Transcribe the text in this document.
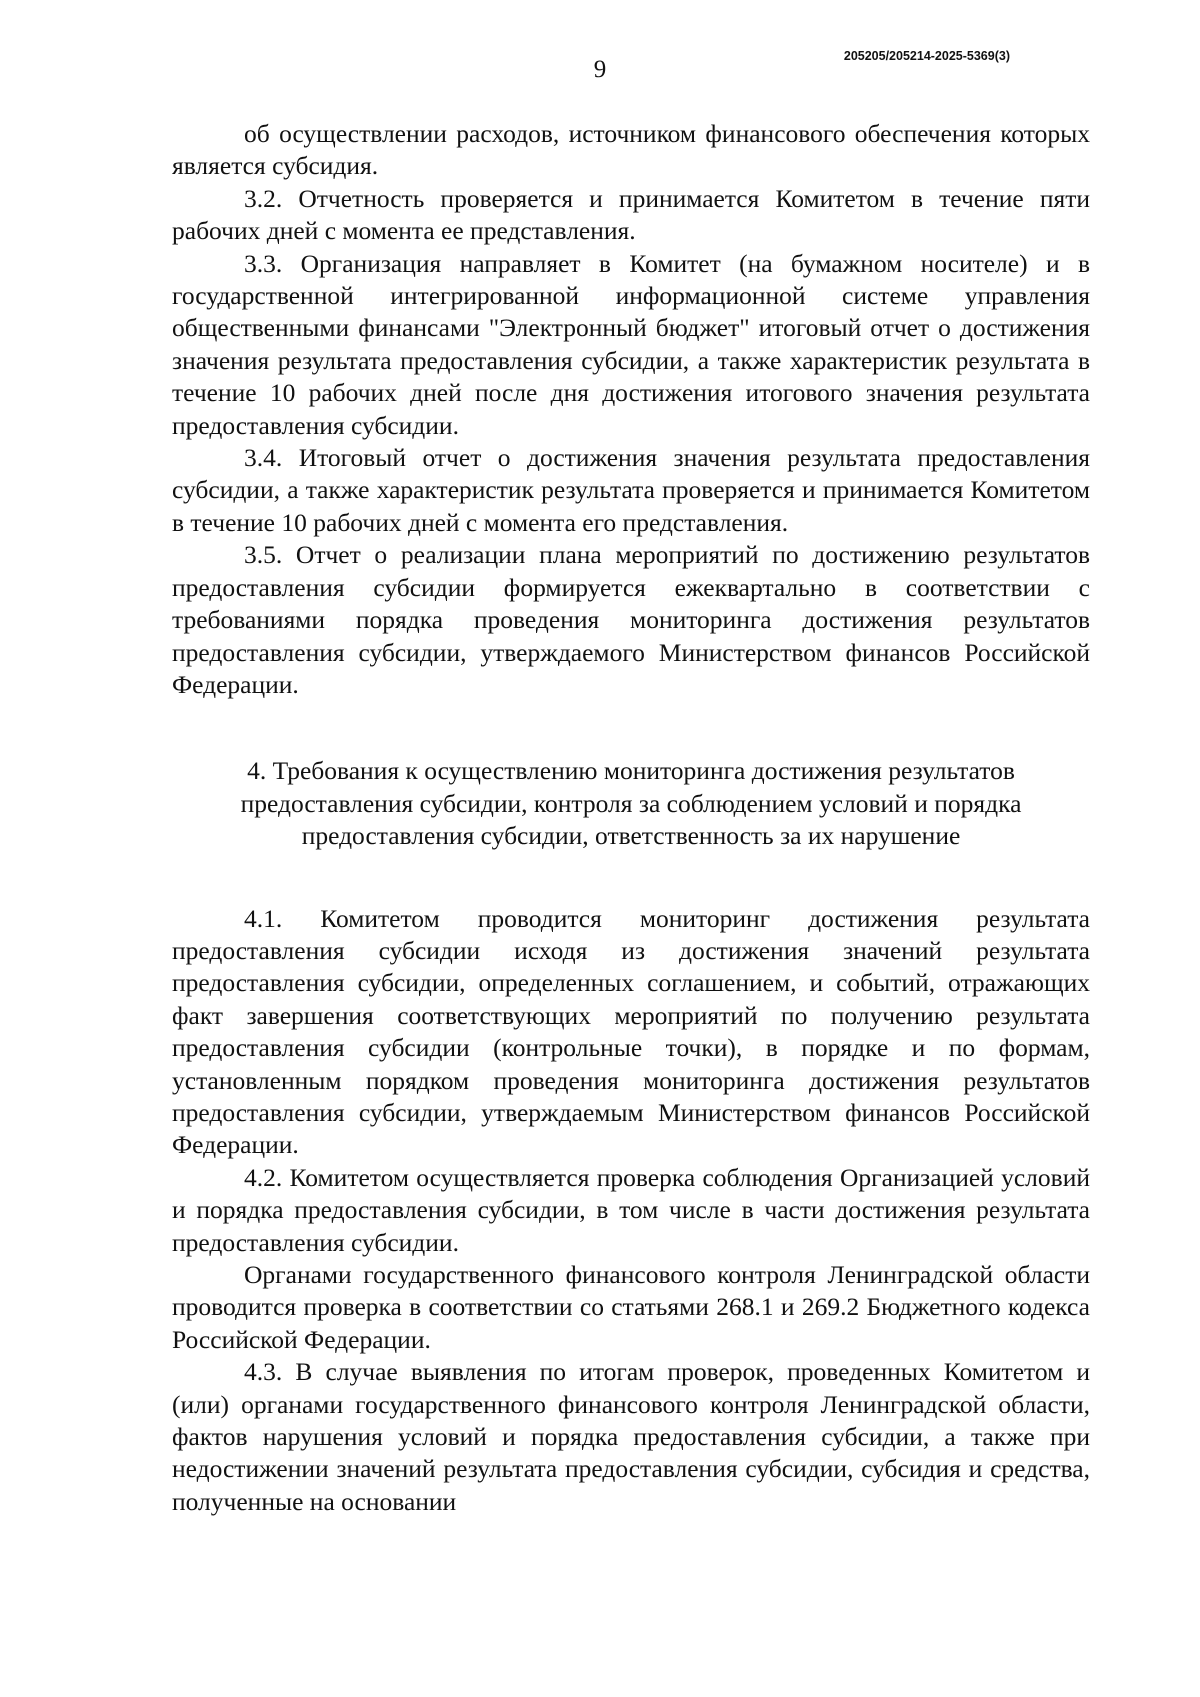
9	205205/205214-2025-5369(3)

об осуществлении расходов, источником финансового обеспечения которых является субсидия.

3.2. Отчетность проверяется и принимается Комитетом в течение пяти рабочих дней с момента ее представления.

3.3. Организация направляет в Комитет (на бумажном носителе) и в государственной интегрированной информационной системе управления общественными финансами "Электронный бюджет" итоговый отчет о достижения значения результата предоставления субсидии, а также характеристик результата в течение 10 рабочих дней после дня достижения итогового значения результата предоставления субсидии.

3.4. Итоговый отчет о достижения значения результата предоставления субсидии, а также характеристик результата проверяется и принимается Комитетом в течение 10 рабочих дней с момента его представления.

3.5. Отчет о реализации плана мероприятий по достижению результатов предоставления субсидии формируется ежеквартально в соответствии с требованиями порядка проведения мониторинга достижения результатов предоставления субсидии, утверждаемого Министерством финансов Российской Федерации.

4. Требования к осуществлению мониторинга достижения результатов предоставления субсидии, контроля за соблюдением условий и порядка предоставления субсидии, ответственность за их нарушение

4.1. Комитетом проводится мониторинг достижения результата предоставления субсидии исходя из достижения значений результата предоставления субсидии, определенных соглашением, и событий, отражающих факт завершения соответствующих мероприятий по получению результата предоставления субсидии (контрольные точки), в порядке и по формам, установленным порядком проведения мониторинга достижения результатов предоставления субсидии, утверждаемым Министерством финансов Российской Федерации.

4.2. Комитетом осуществляется проверка соблюдения Организацией условий и порядка предоставления субсидии, в том числе в части достижения результата предоставления субсидии.

Органами государственного финансового контроля Ленинградской области проводится проверка в соответствии со статьями 268.1 и 269.2 Бюджетного кодекса Российской Федерации.

4.3. В случае выявления по итогам проверок, проведенных Комитетом и (или) органами государственного финансового контроля Ленинградской области, фактов нарушения условий и порядка предоставления субсидии, а также при недостижении значений результата предоставления субсидии, субсидия и средства, полученные на основании
